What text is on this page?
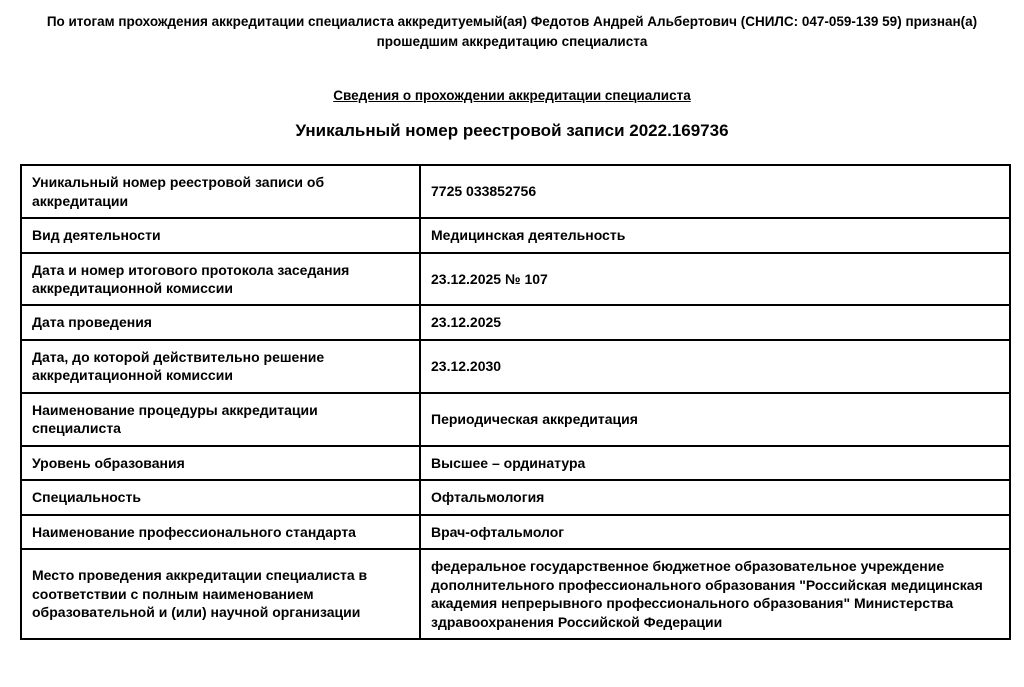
По итогам прохождения аккредитации специалиста аккредитуемый(ая) Федотов Андрей Альбертович (СНИЛС: 047-059-139 59) признан(а) прошедшим аккредитацию специалиста

Сведения о прохождении аккредитации специалиста
Уникальный номер реестровой записи 2022.169736
Уникальный номер реестровой записи об аккредитации	7725 033852756
Вид деятельности	Медицинская деятельность
Дата и номер итогового протокола заседания аккредитационной комиссии	23.12.2025 № 107
Дата проведения	23.12.2025
Дата, до которой действительно решение аккредитационной комиссии	23.12.2030
Наименование процедуры аккредитации специалиста	Периодическая аккредитация
Уровень образования	Высшее – ординатура
Специальность	Офтальмология
Наименование профессионального стандарта	Врач-офтальмолог
Место проведения аккредитации специалиста в соответствии с полным наименованием образовательной и (или) научной организации	федеральное государственное бюджетное образовательное учреждение дополнительного профессионального образования "Российская медицинская академия непрерывного профессионального образования" Министерства здравоохранения Российской Федерации
